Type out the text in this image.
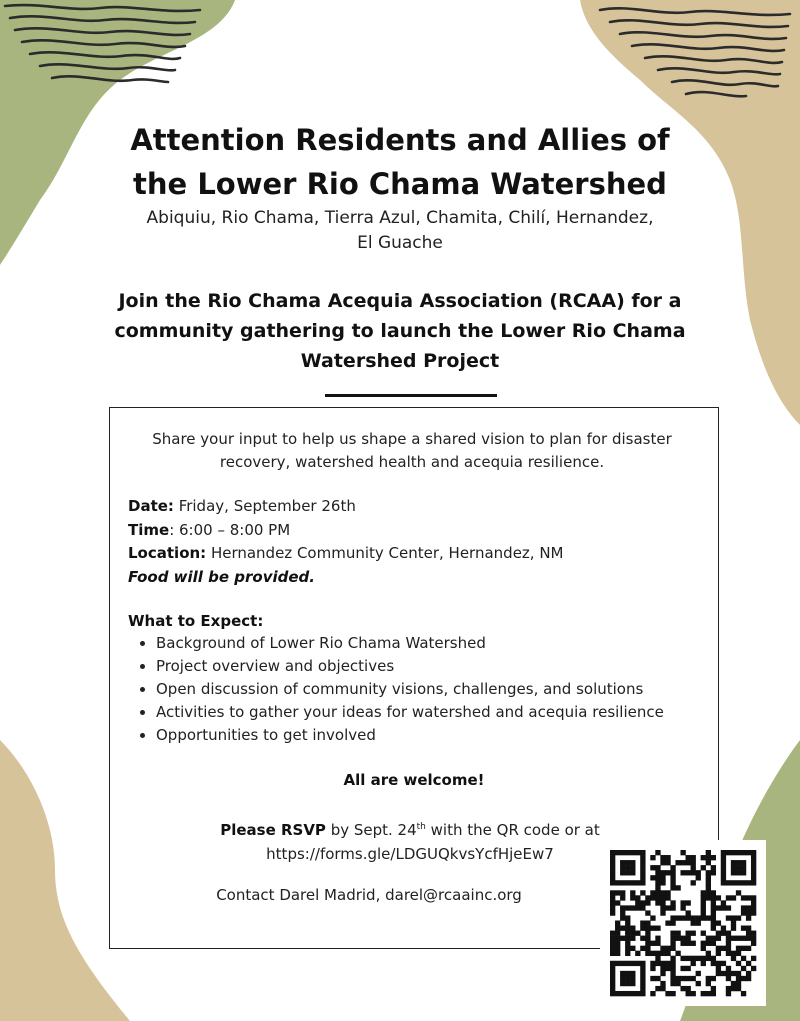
Attention Residents and Allies of
the Lower Rio Chama Watershed
Abiquiu, Rio Chama, Tierra Azul, Chamita, Chilí, Hernandez,
El Guache
Join the Rio Chama Acequia Association (RCAA) for a
community gathering to launch the Lower Rio Chama
Watershed Project
Share your input to help us shape a shared vision to plan for disaster
recovery, watershed health and acequia resilience.
Date: Friday, September 26th
Time: 6:00 – 8:00 PM
Location: Hernandez Community Center, Hernandez, NM
Food will be provided.
What to Expect:
• Background of Lower Rio Chama Watershed
• Project overview and objectives
• Open discussion of community visions, challenges, and solutions
• Activities to gather your ideas for watershed and acequia resilience
• Opportunities to get involved
All are welcome!
Please RSVP by Sept. 24th with the QR code or at
https://forms.gle/LDGUQkvsYcfHjeEw7
Contact Darel Madrid, darel@rcaainc.org
